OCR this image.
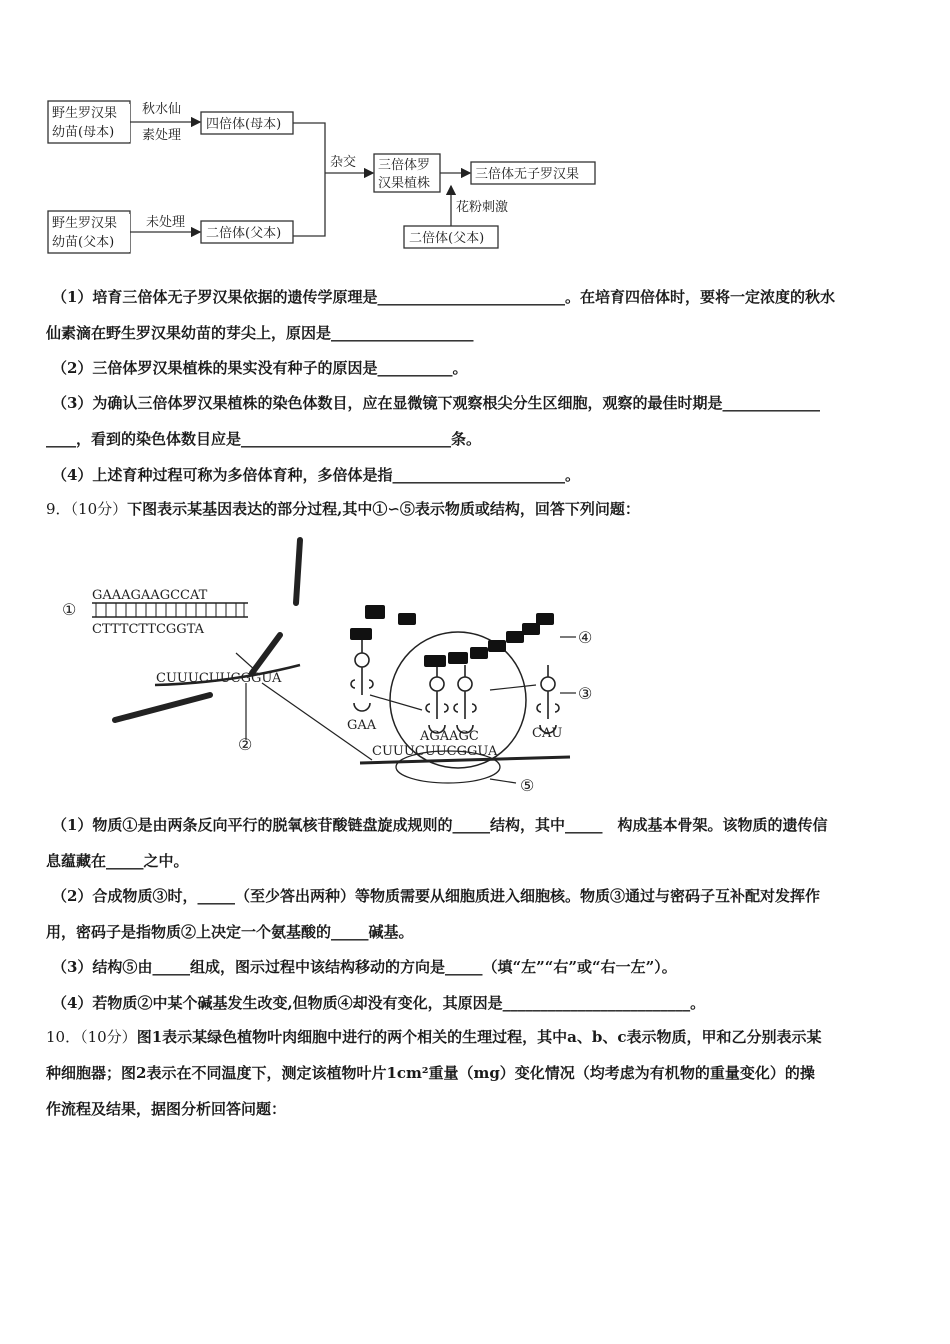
秋水仙
素处理
未处理
四倍体(母本)
二倍体(父本)
杂交 三倍体罗
汉果植株
三倍体无子罗汉果
花粉刺激
二倍体(父本)
野生罗汉果
幼苗(母本)
野生罗汉果
幼苗(父本)
（1）培育三倍体无子罗汉果依据的遗传学原理是_________________________。在培育四倍体时，要将一定浓度的秋水
仙素滴在野生罗汉果幼苗的芽尖上，原因是___________________
（2）三倍体罗汉果植株的果实没有种子的原因是__________。
（3）为确认三倍体罗汉果植株的染色体数目，应在显微镜下观察根尖分生区细胞，观察的最佳时期是_____________
____，看到的染色体数目应是____________________________条。
（4）上述育种过程可称为多倍体育种，多倍体是指_______________________。
9．（10分）下图表示某基因表达的部分过程,其中①∽⑤表示物质或结构，回答下列问题：
①
②
③
④
⑤
GAAAGAAGCCAT
CTTTCTTCGGTA
CUUUCUUCGGUA
CUUUCUUCGGUA
GAA
AGAAGC	CAU
（1）物质①是由两条反向平行的脱氧核苷酸链盘旋成规则的_____结构，其中_____　构成基本骨架。该物质的遗传信
息蕴藏在_____之中。
（2）合成物质③时，_____（至少答出两种）等物质需要从细胞质进入细胞核。物质③通过与密码子互补配对发挥作
用，密码子是指物质②上决定一个氨基酸的_____碱基。
（3）结构⑤由_____组成，图示过程中该结构移动的方向是_____（填“左”“右”或“右一左”）。
（4）若物质②中某个碱基发生改变,但物质④却没有变化，其原因是_________________________。
10．（10分）图1表示某绿色植物叶肉细胞中进行的两个相关的生理过程，其中a、b、c表示物质，甲和乙分别表示某
种细胞器；图2表示在不同温度下，测定该植物叶片1cm²重量（mg）变化情况（均考虑为有机物的重量变化）的操
作流程及结果，据图分析回答问题：
